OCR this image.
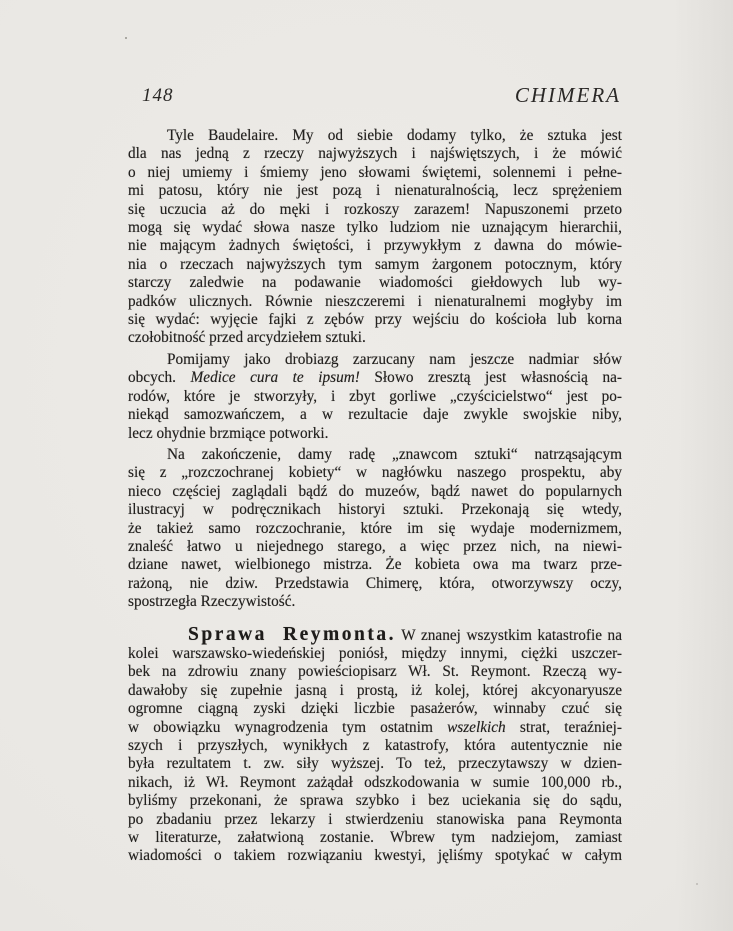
148	CHIMERA
Tyle Baudelaire. My od siebie dodamy tylko, że sztuka jest
dla nas jedną z rzeczy najwyższych i najświętszych, i że mówić
o niej umiemy i śmiemy jeno słowami świętemi, solennemi i pełne-
mi patosu, który nie jest pozą i nienaturalnością, lecz sprężeniem
się uczucia aż do męki i rozkoszy zarazem! Napuszonemi przeto
mogą się wydać słowa nasze tylko ludziom nie uznającym hierarchii,
nie mającym żadnych świętości, i przywykłym z dawna do mówie-
nia o rzeczach najwyższych tym samym żargonem potocznym, który
starczy zaledwie na podawanie wiadomości giełdowych lub wy-
padków ulicznych. Równie nieszczeremi i nienaturalnemi mogłyby im
się wydać: wyjęcie fajki z zębów przy wejściu do kościoła lub korna
czołobitność przed arcydziełem sztuki.
Pomijamy jako drobiazg zarzucany nam jeszcze nadmiar słów
obcych. Medice cura te ipsum! Słowo zresztą jest własnością na-
rodów, które je stworzyły, i zbyt gorliwe „czyścicielstwo“ jest po-
niekąd samozwańczem, a w rezultacie daje zwykle swojskie niby,
lecz ohydnie brzmiące potworki.
Na zakończenie, damy radę „znawcom sztuki“ natrząsającym
się z „rozczochranej kobiety“ w nagłówku naszego prospektu, aby
nieco częściej zaglądali bądź do muzeów, bądź nawet do popularnych
ilustracyj w podręcznikach historyi sztuki. Przekonają się wtedy,
że takież samo rozczochranie, które im się wydaje modernizmem,
znaleść łatwo u niejednego starego, a więc przez nich, na niewi-
dziane nawet, wielbionego mistrza. Że kobieta owa ma twarz prze-
rażoną, nie dziw. Przedstawia Chimerę, która, otworzywszy oczy,
spostrzegła Rzeczywistość.
Sprawa Reymonta. W znanej wszystkim katastrofie na
kolei warszawsko-wiedeńskiej poniósł, między innymi, ciężki uszczer-
bek na zdrowiu znany powieściopisarz Wł. St. Reymont. Rzeczą wy-
dawałoby się zupełnie jasną i prostą, iż kolej, której akcyonaryusze
ogromne ciągną zyski dzięki liczbie pasażerów, winnaby czuć się
w obowiązku wynagrodzenia tym ostatnim wszelkich strat, teraźniej-
szych i przyszłych, wynikłych z katastrofy, która autentycznie nie
była rezultatem t. zw. siły wyższej. To też, przeczytawszy w dzien-
nikach, iż Wł. Reymont zażądał odszkodowania w sumie 100,000 rb.,
byliśmy przekonani, że sprawa szybko i bez uciekania się do sądu,
po zbadaniu przez lekarzy i stwierdzeniu stanowiska pana Reymonta
w literaturze, załatwioną zostanie. Wbrew tym nadziejom, zamiast
wiadomości o takiem rozwiązaniu kwestyi, jęliśmy spotykać w całym
